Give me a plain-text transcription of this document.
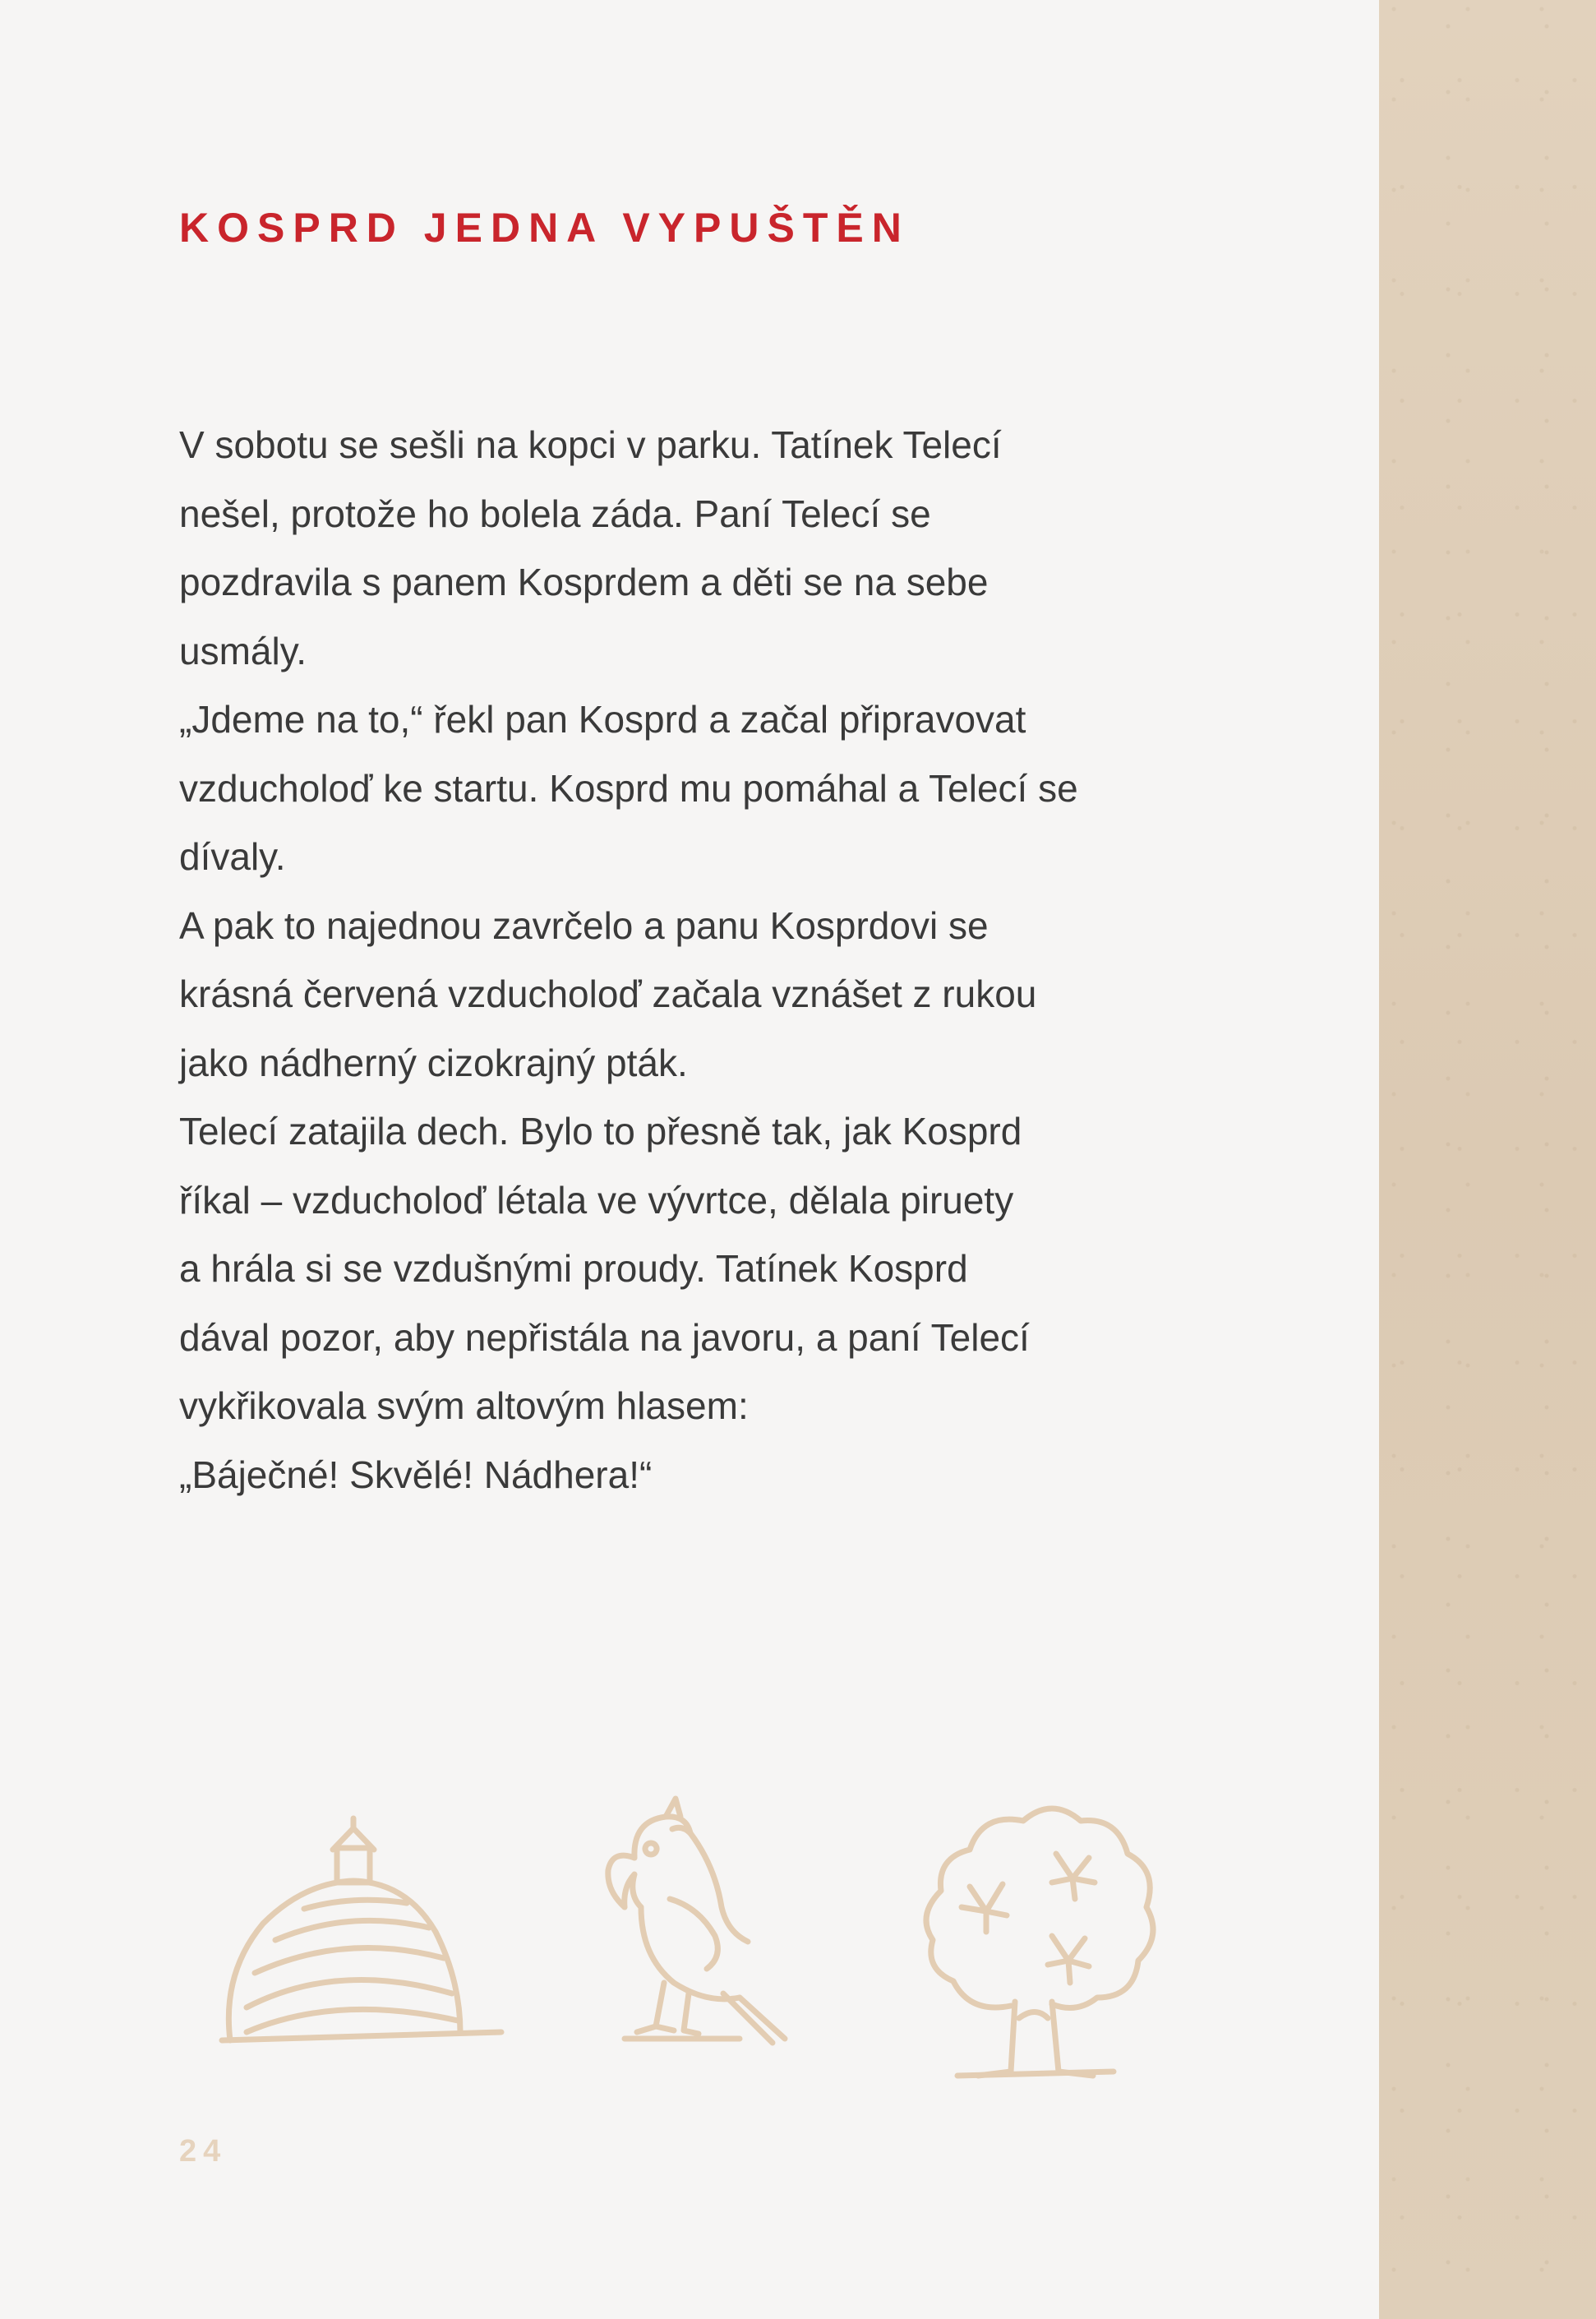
KOSPRD JEDNA VYPUŠTĚN
V sobotu se sešli na kopci v parku. Tatínek Telecí
nešel, protože ho bolela záda. Paní Telecí se
pozdravila s panem Kosprdem a děti se na sebe
usmály.
„Jdeme na to,“ řekl pan Kosprd a začal připravovat
vzducholoď ke startu. Kosprd mu pomáhal a Telecí se
dívaly.
A pak to najednou zavrčelo a panu Kosprdovi se
krásná červená vzducholoď začala vznášet z rukou
jako nádherný cizokrajný pták.
Telecí zatajila dech. Bylo to přesně tak, jak Kosprd
říkal – vzducholoď létala ve vývrtce, dělala piruety
a hrála si se vzdušnými proudy. Tatínek Kosprd
dával pozor, aby nepřistála na javoru, a paní Telecí
vykřikovala svým altovým hlasem:
„Báječné! Skvělé! Nádhera!“
24
